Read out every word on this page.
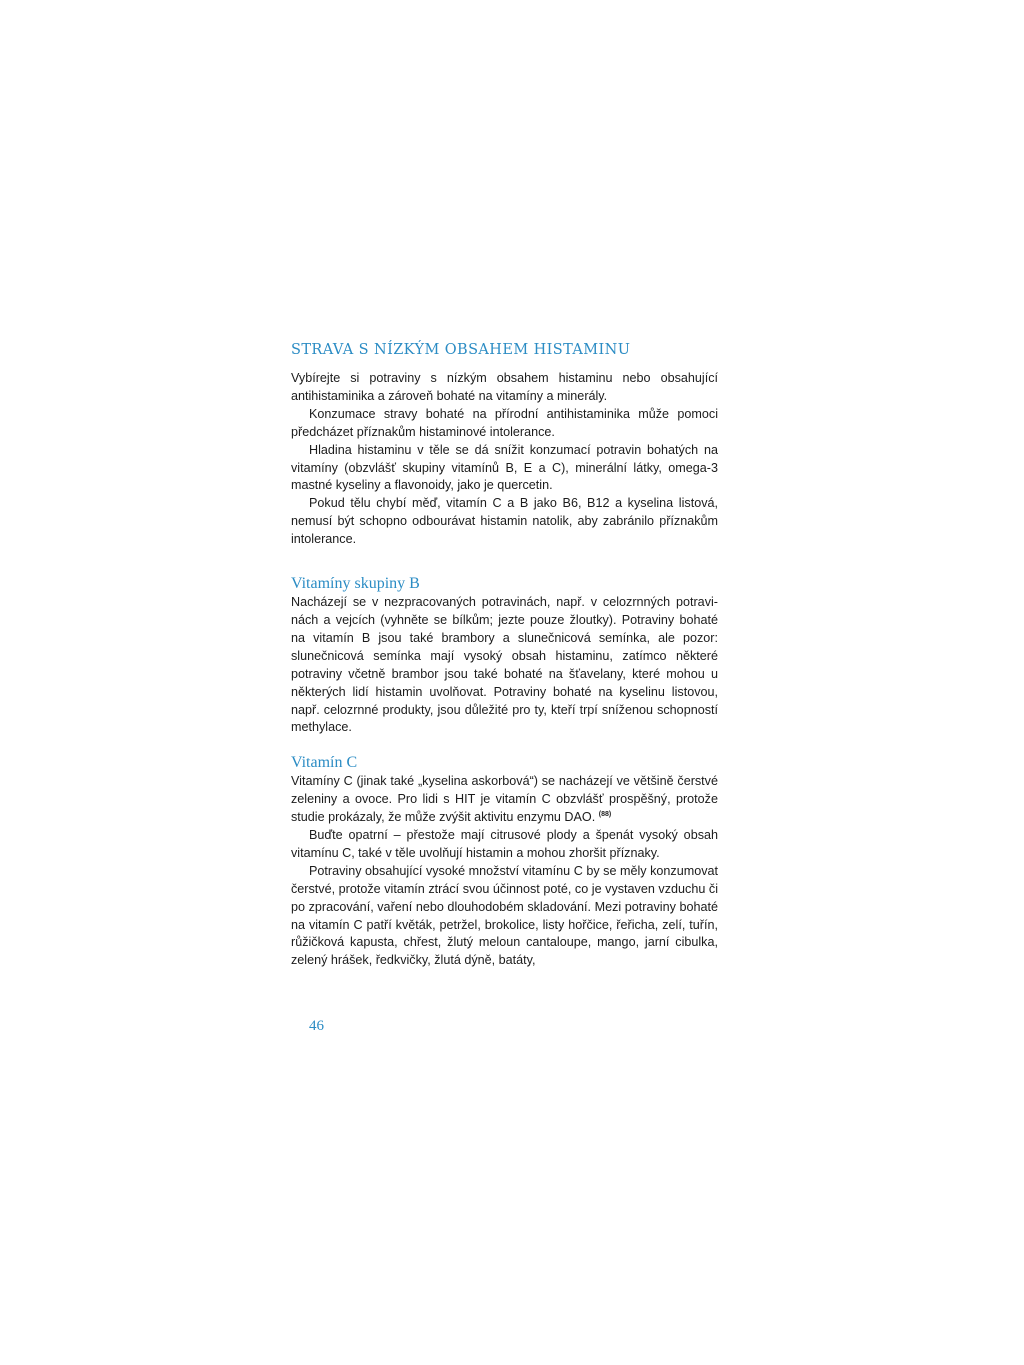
STRAVA S NÍZKÝM OBSAHEM HISTAMINU

Vybírejte si potraviny s nízkým obsahem histaminu nebo obsahující antihistaminika a zároveň bohaté na vitamíny a minerály.

Konzumace stravy bohaté na přírodní antihistaminika může pomoci předcházet příznakům histaminové intolerance.

Hladina histaminu v těle se dá snížit konzumací potravin bohatých na vitamíny (obzvlášť skupiny vitamínů B, E a C), minerální látky, omega-3 mastné kyseliny a flavonoidy, jako je quercetin.

Pokud tělu chybí měď, vitamín C a B jako B6, B12 a kyselina listová, nemusí být schopno odbourávat histamin natolik, aby zabránilo příznakům intolerance.

Vitamíny skupiny B

Nacházejí se v nezpracovaných potravinách, např. v celozrnných potravinách a vejcích (vyhněte se bílkům; jezte pouze žloutky). Potraviny bohaté na vitamín B jsou také brambory a slunečnicová semínka, ale pozor: slunečnicová semínka mají vysoký obsah histaminu, zatímco některé potraviny včetně brambor jsou také bohaté na šťavelany, které mohou u některých lidí histamin uvolňovat. Potraviny bohaté na kyselinu listovou, např. celozrnné produkty, jsou důležité pro ty, kteří trpí sníženou schopností methylace.

Vitamín C

Vitamíny C (jinak také „kyselina askorbová“) se nacházejí ve většině čerstvé zeleniny a ovoce. Pro lidi s HIT je vitamín C obzvlášť prospěšný, protože studie prokázaly, že může zvýšit aktivitu enzymu DAO. $^{(88)}$

Buďte opatrní – přestože mají citrusové plody a špenát vysoký obsah vitamínu C, také v těle uvolňují histamin a mohou zhoršit příznaky.

Potraviny obsahující vysoké množství vitamínu C by se měly konzumovat čerstvé, protože vitamín ztrácí svou účinnost poté, co je vystaven vzduchu či po zpracování, vaření nebo dlouhodobém skladování. Mezi potraviny bohaté na vitamín C patří květák, petržel, brokolice, listy hořčice, řeřicha, zelí, tuřín, růžičková kapusta, chřest, žlutý meloun cantaloupe, mango, jarní cibulka, zelený hrášek, ředkvičky, žlutá dýně, batáty,

46
